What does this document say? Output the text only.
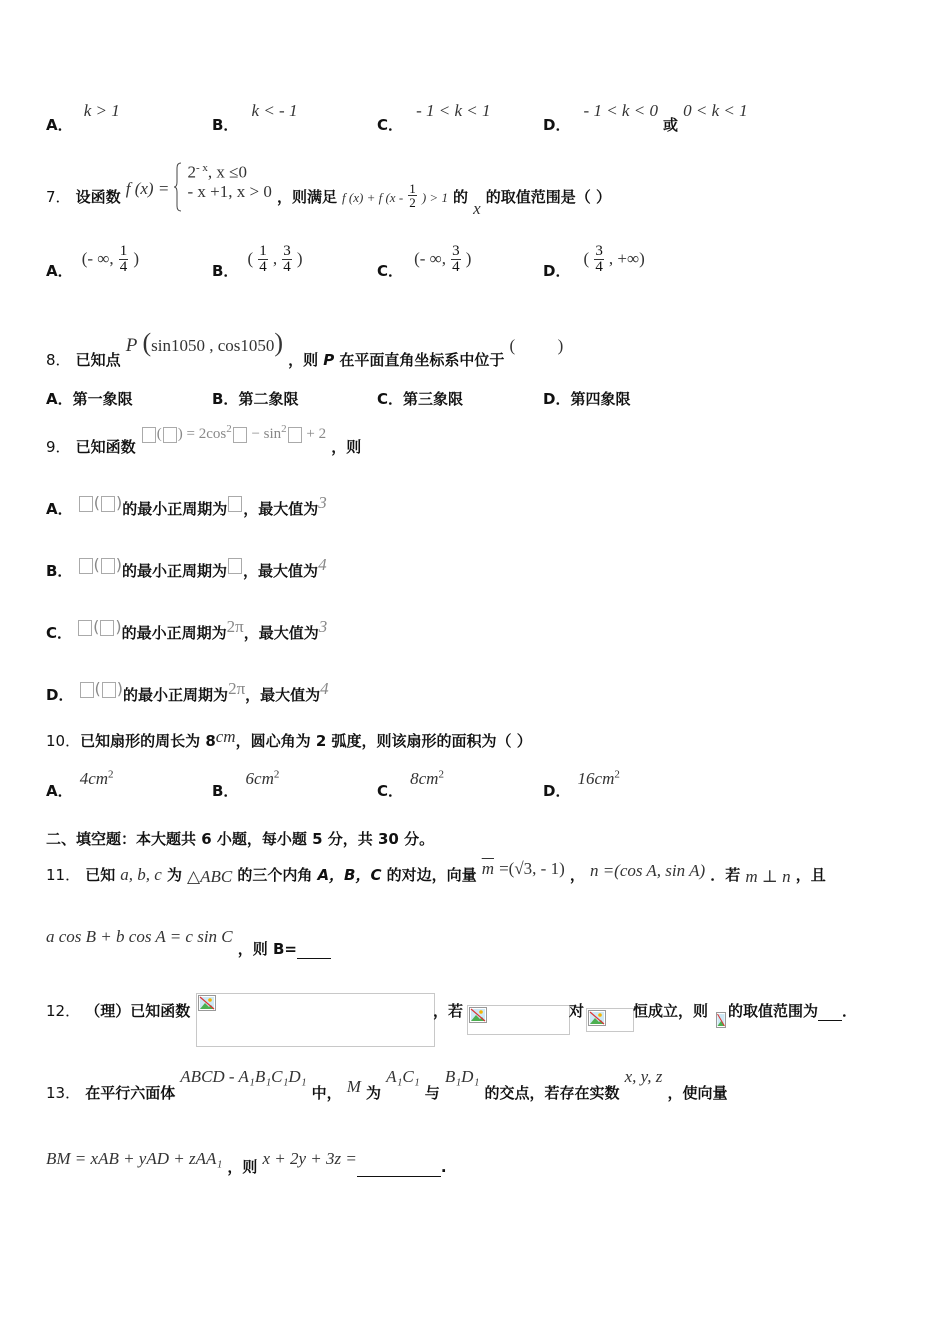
A． k > 1
B． k < - 1
C． - 1 < k < 1
D． - 1 < k < 0 或 0 < k < 1
7． 设函数 f (x) =
$2^{- x}$, x ≤0
- x +1, x > 0 ，则满足 $_{f (x) + f (x -} \frac{1}{2} _{) > 1}$ 的 x 的取值范围是（ ）
A． (- ∞, $\frac{1}{4}$ )
B． ( $\frac{1}{4}$ , $\frac{3}{4}$ )
C． (- ∞, $\frac{3}{4}$ )
D． ( $\frac{3}{4}$ , +∞)
8． 已知点 P (sin1050 , cos1050) ，则 P 在平面直角坐标系中位于 (          )
A．第一象限	B．第二象限	C．第三象限	D．第四象限
9． 已知函数 ( ) = $2\cos^2 - \sin^2 + 2$ ，则
A． ( )的最小正周期为 ，最大值为3
B． ( )的最小正周期为 ，最大值为4
C． ( )的最小正周期为2π，最大值为3
D． ( )的最小正周期为2π，最大值为4
10．已知扇形的周长为 8cm，圆心角为 2 弧度，则该扇形的面积为（ ）
A． $4cm^2$
B． $6cm^2$
C． $8cm^2$
D． $16cm^2$
二、填空题：本大题共 6 小题，每小题 5 分，共 30 分。
11． 已知 a, b, c 为 △ABC 的三个内角 A，B，C 的对边，向量 $\overline{m} =(√3$, - 1) ， n =(cos A, sin A) ．若 m ⊥ n ，且
a cos B + b cos A = c sin C ，则 B=
12． （理）已知函数	，若	对	恒成立，则 的取值范围为 ．
13． 在平行六面体 ABCD - A₁B₁C₁D₁ 中， M 为 A₁C₁ 与 B₁D₁ 的交点，若存在实数 x, y, z ，使向量
BM = xAB + yAD + zAA₁ ，则 x + 2y + 3z =	.
